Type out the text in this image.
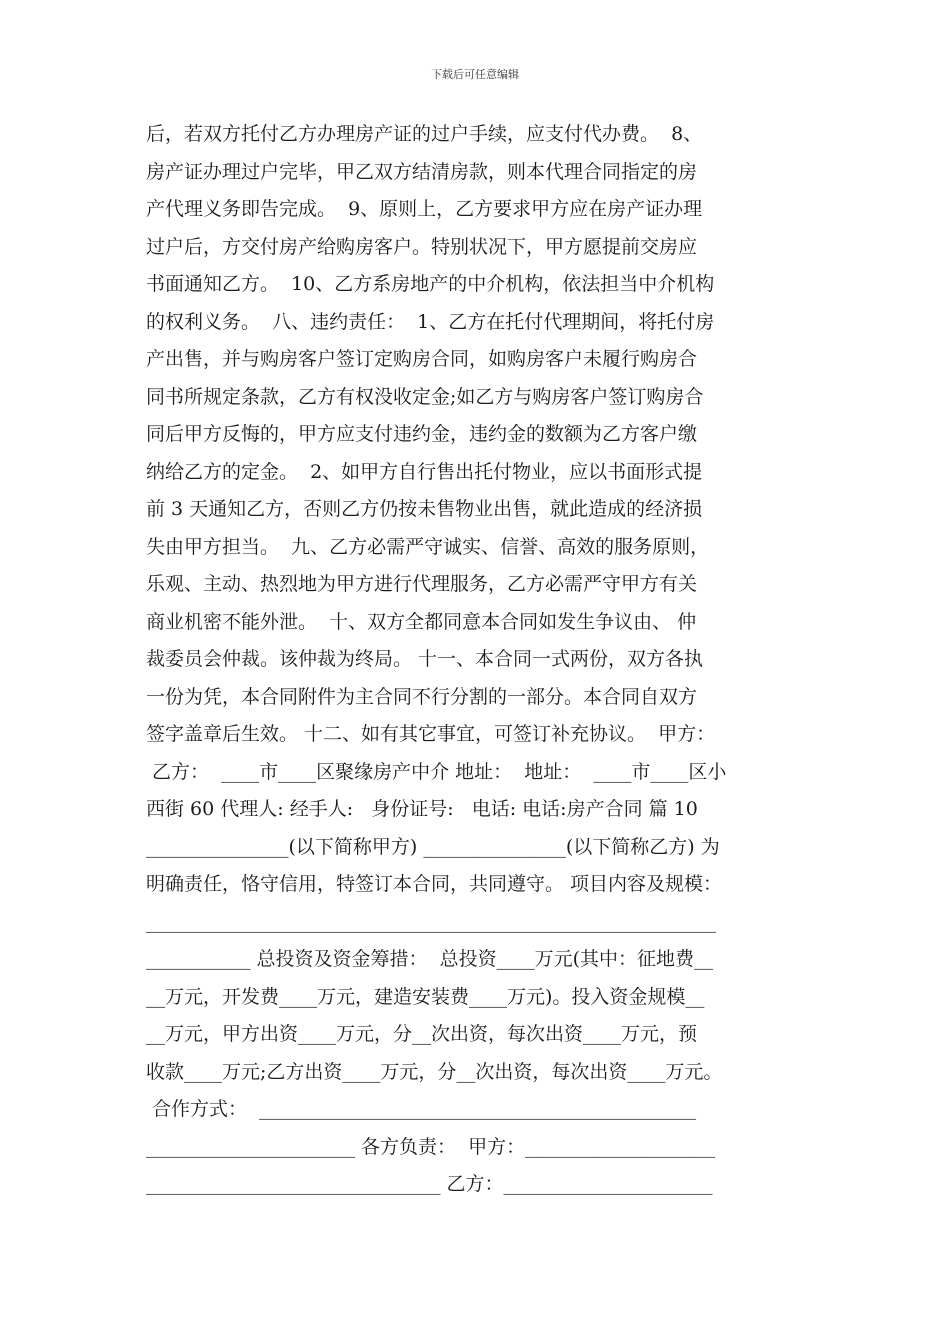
下载后可任意编辑
后，若双方托付乙方办理房产证的过户手续，应支付代办费。  8、
房产证办理过户完毕，甲乙双方结清房款，则本代理合同指定的房
产代理义务即告完成。  9、原则上，乙方要求甲方应在房产证办理
过户后，方交付房产给购房客户。特别状况下，甲方愿提前交房应
书面通知乙方。  10、乙方系房地产的中介机构，依法担当中介机构
的权利义务。  八、违约责任：  1、乙方在托付代理期间，将托付房
产出售，并与购房客户签订定购房合同，如购房客户未履行购房合
同书所规定条款，乙方有权没收定金;如乙方与购房客户签订购房合
同后甲方反悔的，甲方应支付违约金，违约金的数额为乙方客户缴
纳给乙方的定金。  2、如甲方自行售出托付物业，应以书面形式提
前 3 天通知乙方，否则乙方仍按未售物业出售，就此造成的经济损
失由甲方担当。  九、乙方必需严守诚实、信誉、高效的服务原则，
乐观、主动、热烈地为甲方进行代理服务，乙方必需严守甲方有关
商业机密不能外泄。  十、双方全都同意本合同如发生争议由、 仲
裁委员会仲裁。该仲裁为终局。 十一、本合同一式两份，双方各执
一份为凭，本合同附件为主合同不行分割的一部分。本合同自双方
签字盖章后生效。 十二、如有其它事宜，可签订补充协议。  甲方：
乙方：  ____市____区聚缘房产中介 地址：  地址：  ____市____区小
西街 60 代理人: 经手人:   身份证号:   电话: 电话:房产合同 篇 10
_______________(以下简称甲方) _______________(以下简称乙方) 为
明确责任，恪守信用，特签订本合同，共同遵守。 项目内容及规模：
____________________________________________________________
___________ 总投资及资金筹措：  总投资____万元(其中：征地费__
__万元，开发费____万元，建造安装费____万元)。投入资金规模__
__万元，甲方出资____万元，分__次出资，每次出资____万元，预
收款____万元;乙方出资____万元，分__次出资，每次出资____万元。
合作方式：  ______________________________________________
______________________ 各方负责：  甲方：____________________
_______________________________ 乙方：______________________
